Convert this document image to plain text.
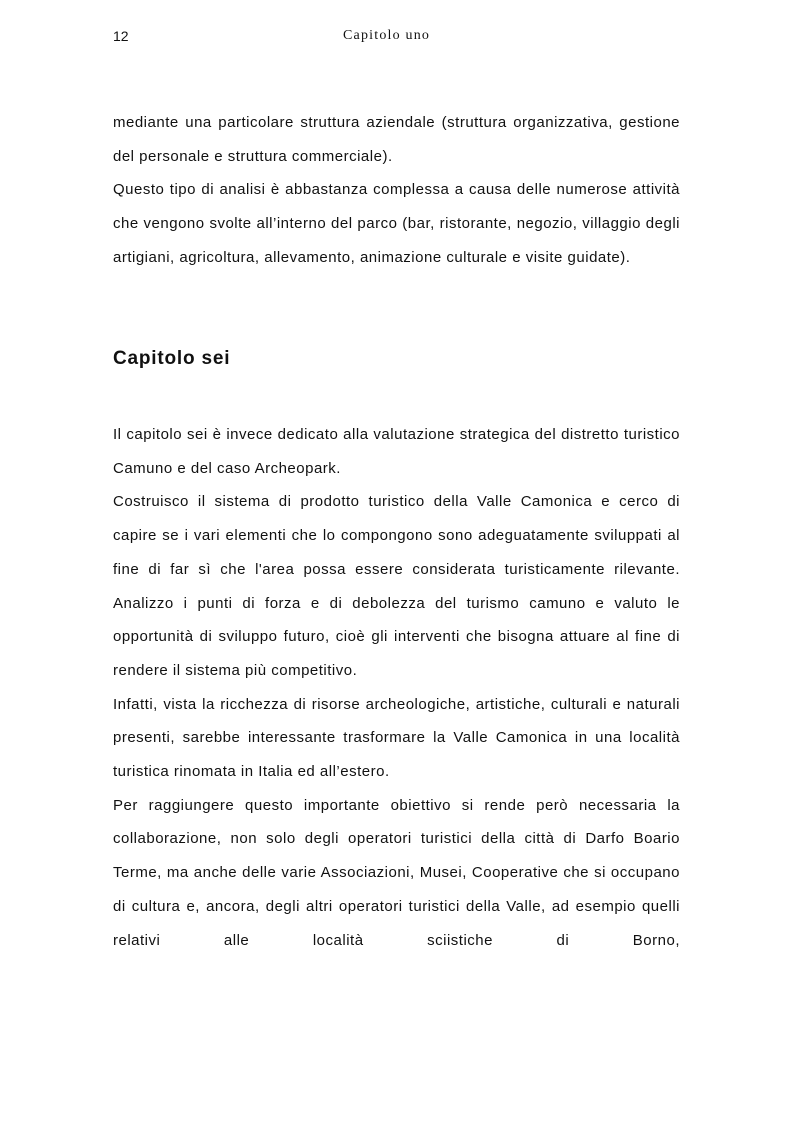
12	Capitolo uno

mediante una particolare struttura aziendale (struttura organizzativa, gestione del personale e struttura commerciale).

Questo tipo di analisi è abbastanza complessa a causa delle numerose attività che vengono svolte all’interno del parco (bar, ristorante, negozio, villaggio degli artigiani, agricoltura, allevamento, animazione culturale e visite guidate).

Capitolo sei

Il capitolo sei è invece dedicato alla valutazione strategica del distretto turistico Camuno e del caso Archeopark.

Costruisco il sistema di prodotto turistico della Valle Camonica e cerco di capire se i vari elementi che lo compongono sono adeguatamente sviluppati al fine di far sì che l'area possa essere considerata turisticamente rilevante. Analizzo i punti di forza e di debolezza del turismo camuno e valuto le opportunità di sviluppo futuro, cioè gli interventi che bisogna attuare al fine di rendere il sistema più competitivo.

Infatti, vista la ricchezza di risorse archeologiche, artistiche, culturali e naturali presenti, sarebbe interessante trasformare la Valle Camonica in una località turistica rinomata in Italia ed all’estero.

Per raggiungere questo importante obiettivo si rende però necessaria la collaborazione, non solo degli operatori turistici della città di Darfo Boario Terme, ma anche delle varie Associazioni, Musei, Cooperative che si occupano di cultura e, ancora, degli altri operatori turistici della Valle, ad esempio quelli relativi alle località sciistiche di Borno,
